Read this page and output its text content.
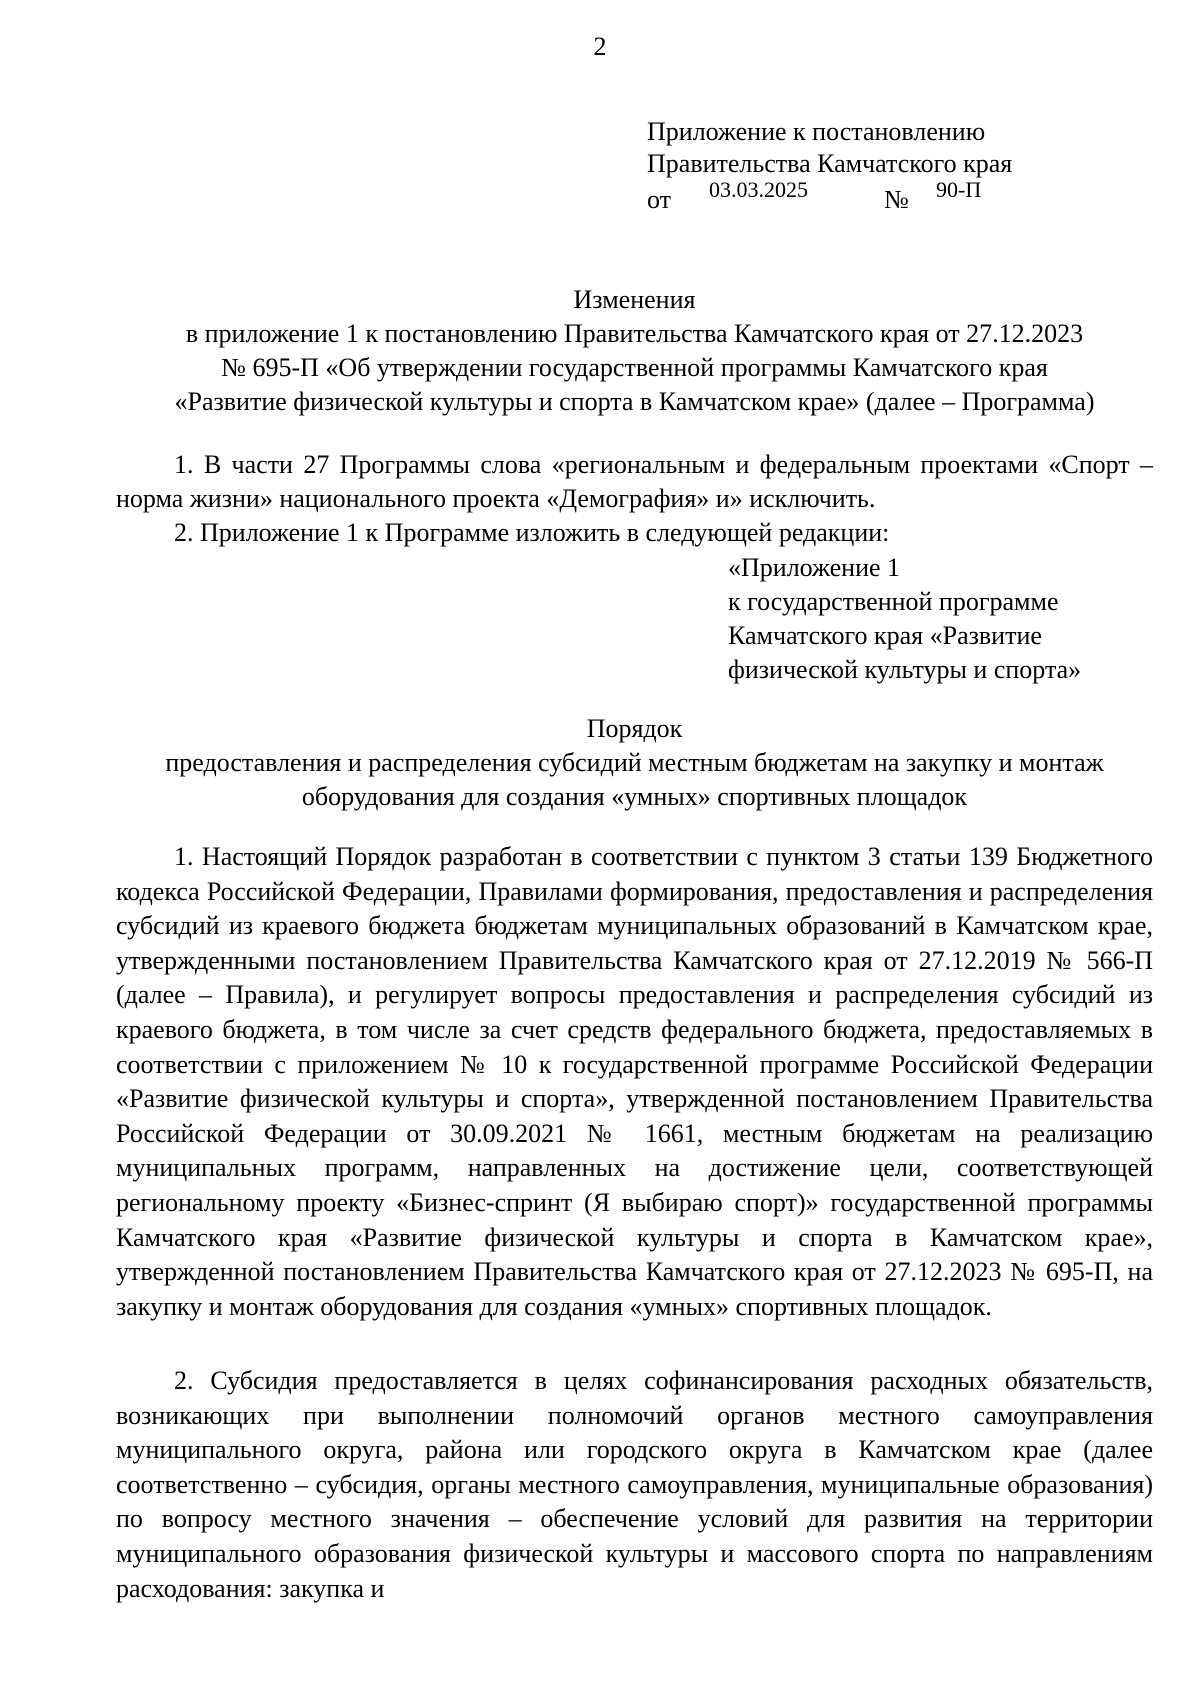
2
Приложение к постановлению
Правительства Камчатского края
от 03.03.2025	№ 90-П
Изменения
в приложение 1 к постановлению Правительства Камчатского края от 27.12.2023
№ 695-П «Об утверждении государственной программы Камчатского края
«Развитие физической культуры и спорта в Камчатском крае» (далее – Программа)
1. В части 27 Программы слова «региональным и федеральным проектами «Спорт – норма жизни» национального проекта «Демография» и» исключить.
2. Приложение 1 к Программе изложить в следующей редакции:
«Приложение 1
к государственной программе
Камчатского края «Развитие
физической культуры и спорта»
Порядок
предоставления и распределения субсидий местным бюджетам на закупку и монтаж
оборудования для создания «умных» спортивных площадок
1. Настоящий Порядок разработан в соответствии с пунктом 3 статьи 139 Бюджетного кодекса Российской Федерации, Правилами формирования, предоставления и распределения субсидий из краевого бюджета бюджетам муниципальных образований в Камчатском крае, утвержденными постановлением Правительства Камчатского края от 27.12.2019 № 566-П (далее – Правила), и регулирует вопросы предоставления и распределения субсидий из краевого бюджета, в том числе за счет средств федерального бюджета, предоставляемых в соответствии с приложением № 10 к государственной программе Российской Федерации «Развитие физической культуры и спорта», утвержденной постановлением Правительства Российской Федерации от 30.09.2021 № 1661, местным бюджетам на реализацию муниципальных программ, направленных на достижение цели, соответствующей региональному проекту «Бизнес-спринт (Я выбираю спорт)» государственной программы Камчатского края «Развитие физической культуры и спорта в Камчатском крае», утвержденной постановлением Правительства Камчатского края от 27.12.2023 № 695-П, на закупку и монтаж оборудования для создания «умных» спортивных площадок.
2. Субсидия предоставляется в целях софинансирования расходных обязательств, возникающих при выполнении полномочий органов местного самоуправления муниципального округа, района или городского округа в Камчатском крае (далее соответственно – субсидия, органы местного самоуправления, муниципальные образования) по вопросу местного значения – обеспечение условий для развития на территории муниципального образования физической культуры и массового спорта по направлениям расходования: закупка и
